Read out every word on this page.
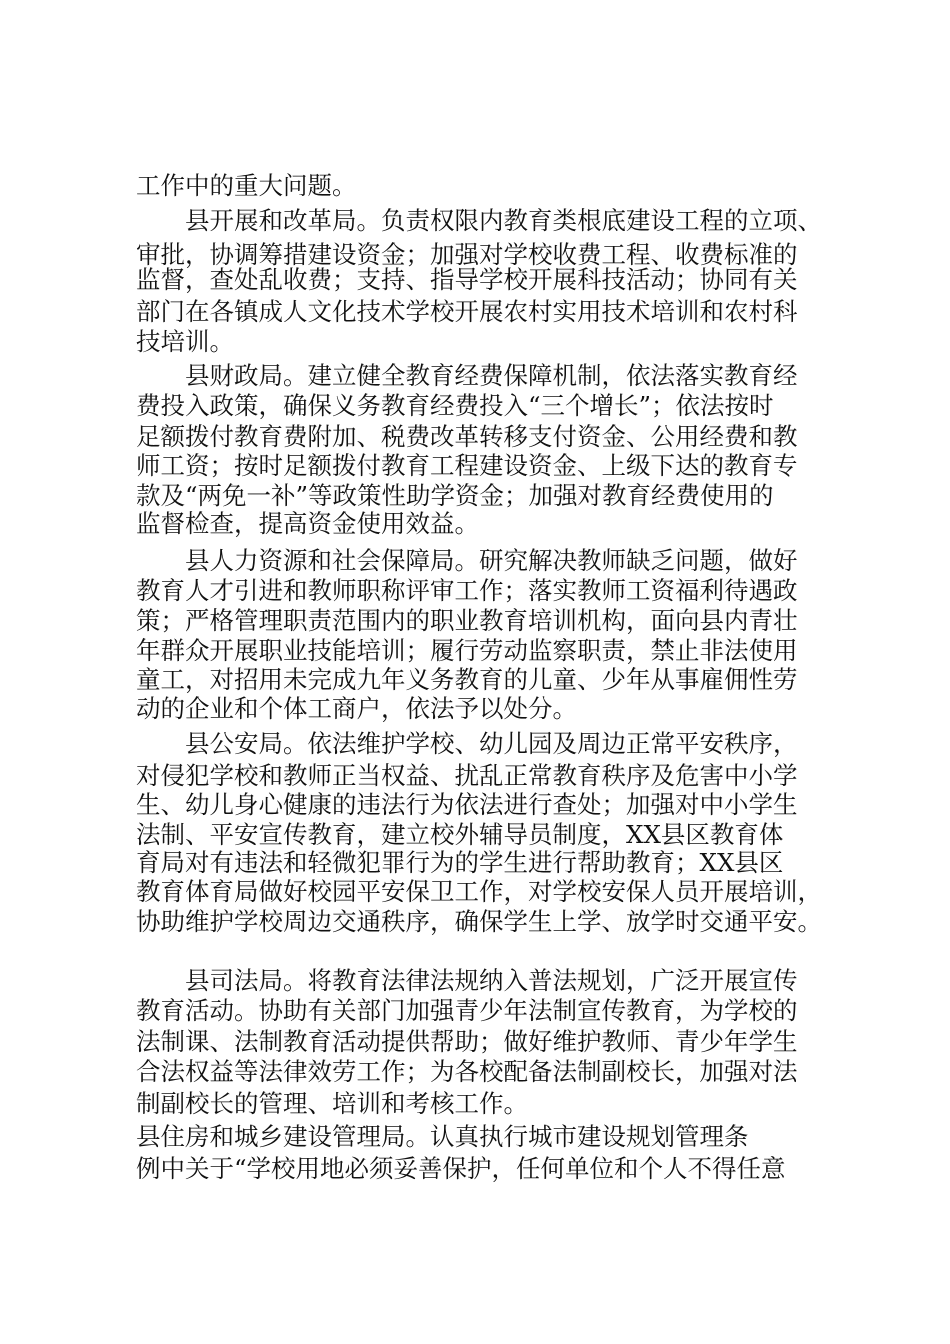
工作中的重大问题。
县开展和改革局。负责权限内教育类根底建设工程的立项、
审批，协调筹措建设资金；加强对学校收费工程、收费标准的
监督，查处乱收费；支持、指导学校开展科技活动；协同有关
部门在各镇成人文化技术学校开展农村实用技术培训和农村科
技培训。
县财政局。建立健全教育经费保障机制，依法落实教育经
费投入政策，确保义务教育经费投入“三个增长”；依法按时
足额拨付教育费附加、税费改革转移支付资金、公用经费和教
师工资；按时足额拨付教育工程建设资金、上级下达的教育专
款及“两免一补”等政策性助学资金；加强对教育经费使用的
监督检查，提高资金使用效益。
县人力资源和社会保障局。研究解决教师缺乏问题，做好
教育人才引进和教师职称评审工作；落实教师工资福利待遇政
策；严格管理职责范围内的职业教育培训机构，面向县内青壮
年群众开展职业技能培训；履行劳动监察职责，禁止非法使用
童工，对招用未完成九年义务教育的儿童、少年从事雇佣性劳
动的企业和个体工商户，依法予以处分。
县公安局。依法维护学校、幼儿园及周边正常平安秩序，
对侵犯学校和教师正当权益、扰乱正常教育秩序及危害中小学
生、幼儿身心健康的违法行为依法进行查处；加强对中小学生
法制、平安宣传教育，建立校外辅导员制度，XX县区教育体
育局对有违法和轻微犯罪行为的学生进行帮助教育；XX县区
教育体育局做好校园平安保卫工作，对学校安保人员开展培训，
协助维护学校周边交通秩序，确保学生上学、放学时交通平安。
县司法局。将教育法律法规纳入普法规划，广泛开展宣传
教育活动。协助有关部门加强青少年法制宣传教育，为学校的
法制课、法制教育活动提供帮助；做好维护教师、青少年学生
合法权益等法律效劳工作；为各校配备法制副校长，加强对法
制副校长的管理、培训和考核工作。
县住房和城乡建设管理局。认真执行城市建设规划管理条
例中关于“学校用地必须妥善保护，任何单位和个人不得任意
